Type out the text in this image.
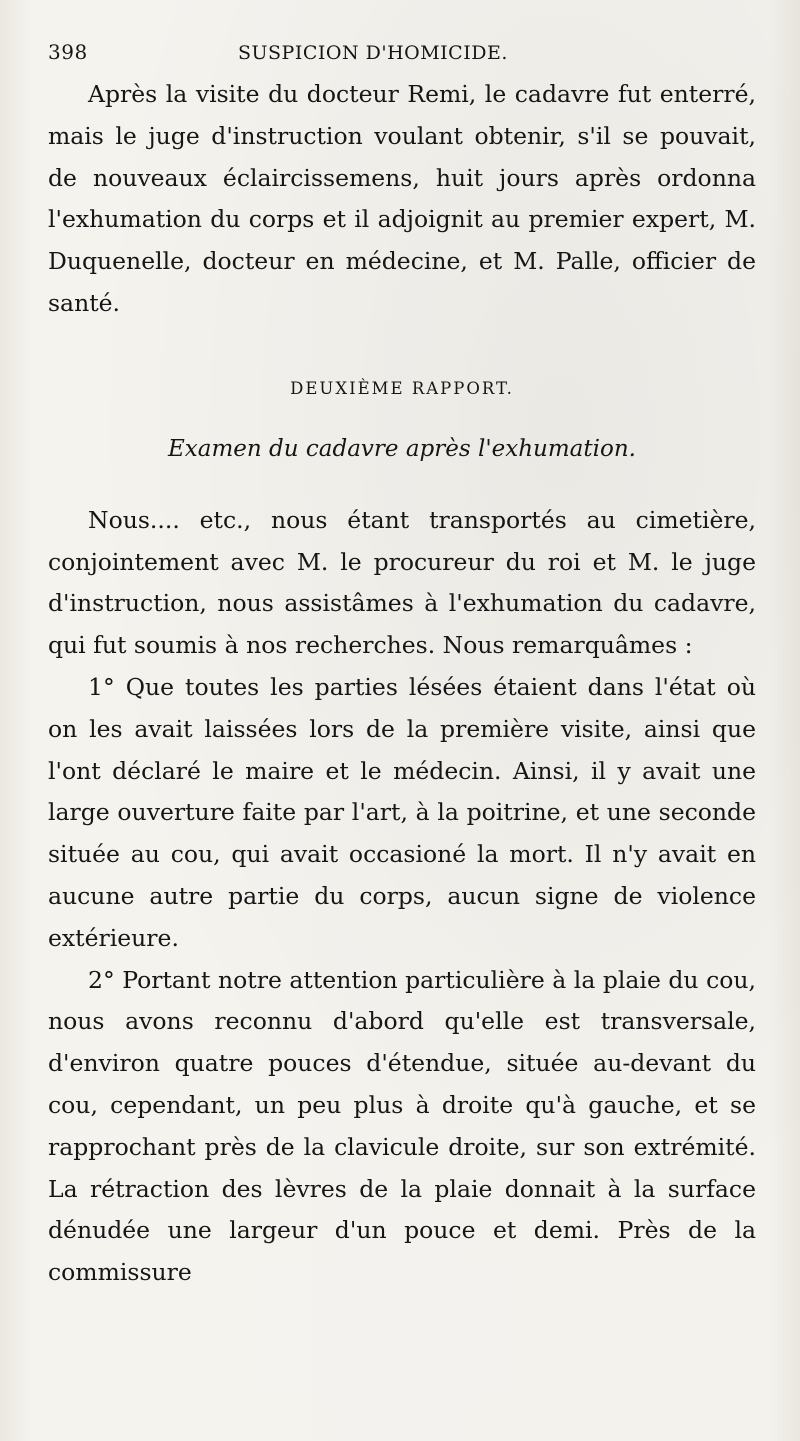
398	SUSPICION D'HOMICIDE.

Après la visite du docteur Remi, le cadavre fut enterré, mais le juge d'instruction voulant obtenir, s'il se pouvait, de nouveaux éclaircissemens, huit jours après ordonna l'exhumation du corps et il adjoignit au premier expert, M. Duquenelle, docteur en médecine, et M. Palle, officier de santé.

DEUXIÈME RAPPORT.
Examen du cadavre après l'exhumation.

Nous.... etc., nous étant transportés au cimetière, conjointement avec M. le procureur du roi et M. le juge d'instruction, nous assistâmes à l'exhumation du cadavre, qui fut soumis à nos recherches. Nous remarquâmes :

1° Que toutes les parties lésées étaient dans l'état où on les avait laissées lors de la première visite, ainsi que l'ont déclaré le maire et le médecin. Ainsi, il y avait une large ouverture faite par l'art, à la poitrine, et une seconde située au cou, qui avait occasioné la mort. Il n'y avait en aucune autre partie du corps, aucun signe de violence extérieure.

2° Portant notre attention particulière à la plaie du cou, nous avons reconnu d'abord qu'elle est transversale, d'environ quatre pouces d'étendue, située au-devant du cou, cependant, un peu plus à droite qu'à gauche, et se rapprochant près de la clavicule droite, sur son extrémité. La rétraction des lèvres de la plaie donnait à la surface dénudée une largeur d'un pouce et demi. Près de la commissure
